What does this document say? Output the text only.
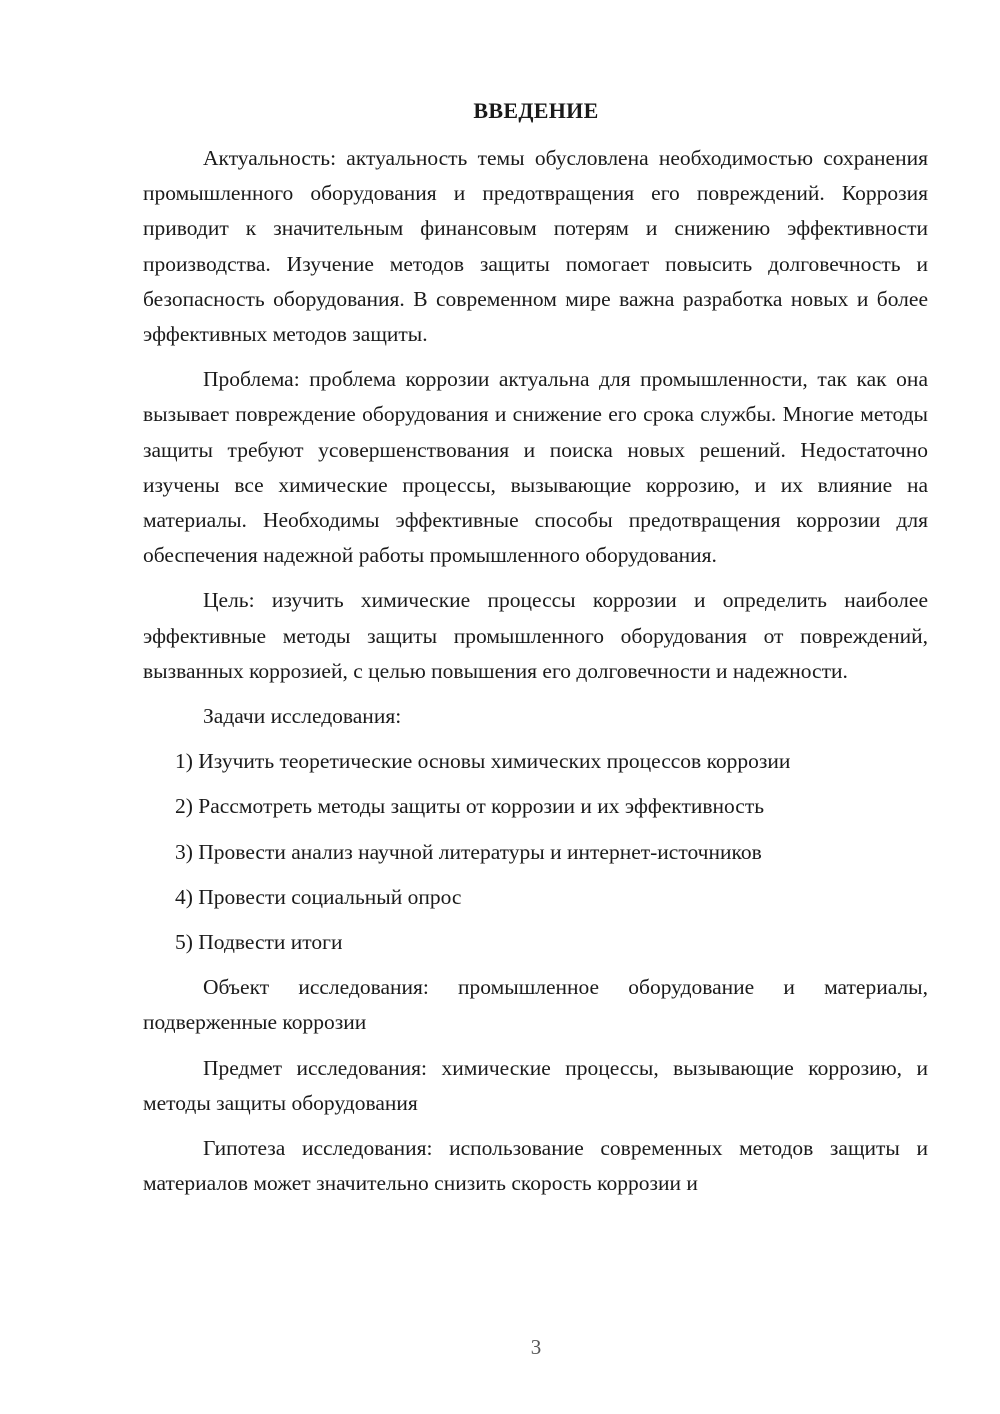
ВВЕДЕНИЕ

Актуальность: актуальность темы обусловлена необходимостью сохранения промышленного оборудования и предотвращения его повреждений. Коррозия приводит к значительным финансовым потерям и снижению эффективности производства. Изучение методов защиты помогает повысить долговечность и безопасность оборудования. В современном мире важна разработка новых и более эффективных методов защиты.

Проблема: проблема коррозии актуальна для промышленности, так как она вызывает повреждение оборудования и снижение его срока службы. Многие методы защиты требуют усовершенствования и поиска новых решений. Недостаточно изучены все химические процессы, вызывающие коррозию, и их влияние на материалы. Необходимы эффективные способы предотвращения коррозии для обеспечения надежной работы промышленного оборудования.

Цель: изучить химические процессы коррозии и определить наиболее эффективные методы защиты промышленного оборудования от повреждений, вызванных коррозией, с целью повышения его долговечности и надежности.

Задачи исследования:

1) Изучить теоретические основы химических процессов коррозии
2) Рассмотреть методы защиты от коррозии и их эффективность
3) Провести анализ научной литературы и интернет-источников
4) Провести социальный опрос
5) Подвести итоги

Объект исследования: промышленное оборудование и материалы, подверженные коррозии

Предмет исследования: химические процессы, вызывающие коррозию, и методы защиты оборудования

Гипотеза исследования: использование современных методов защиты и материалов может значительно снизить скорость коррозии и

3
